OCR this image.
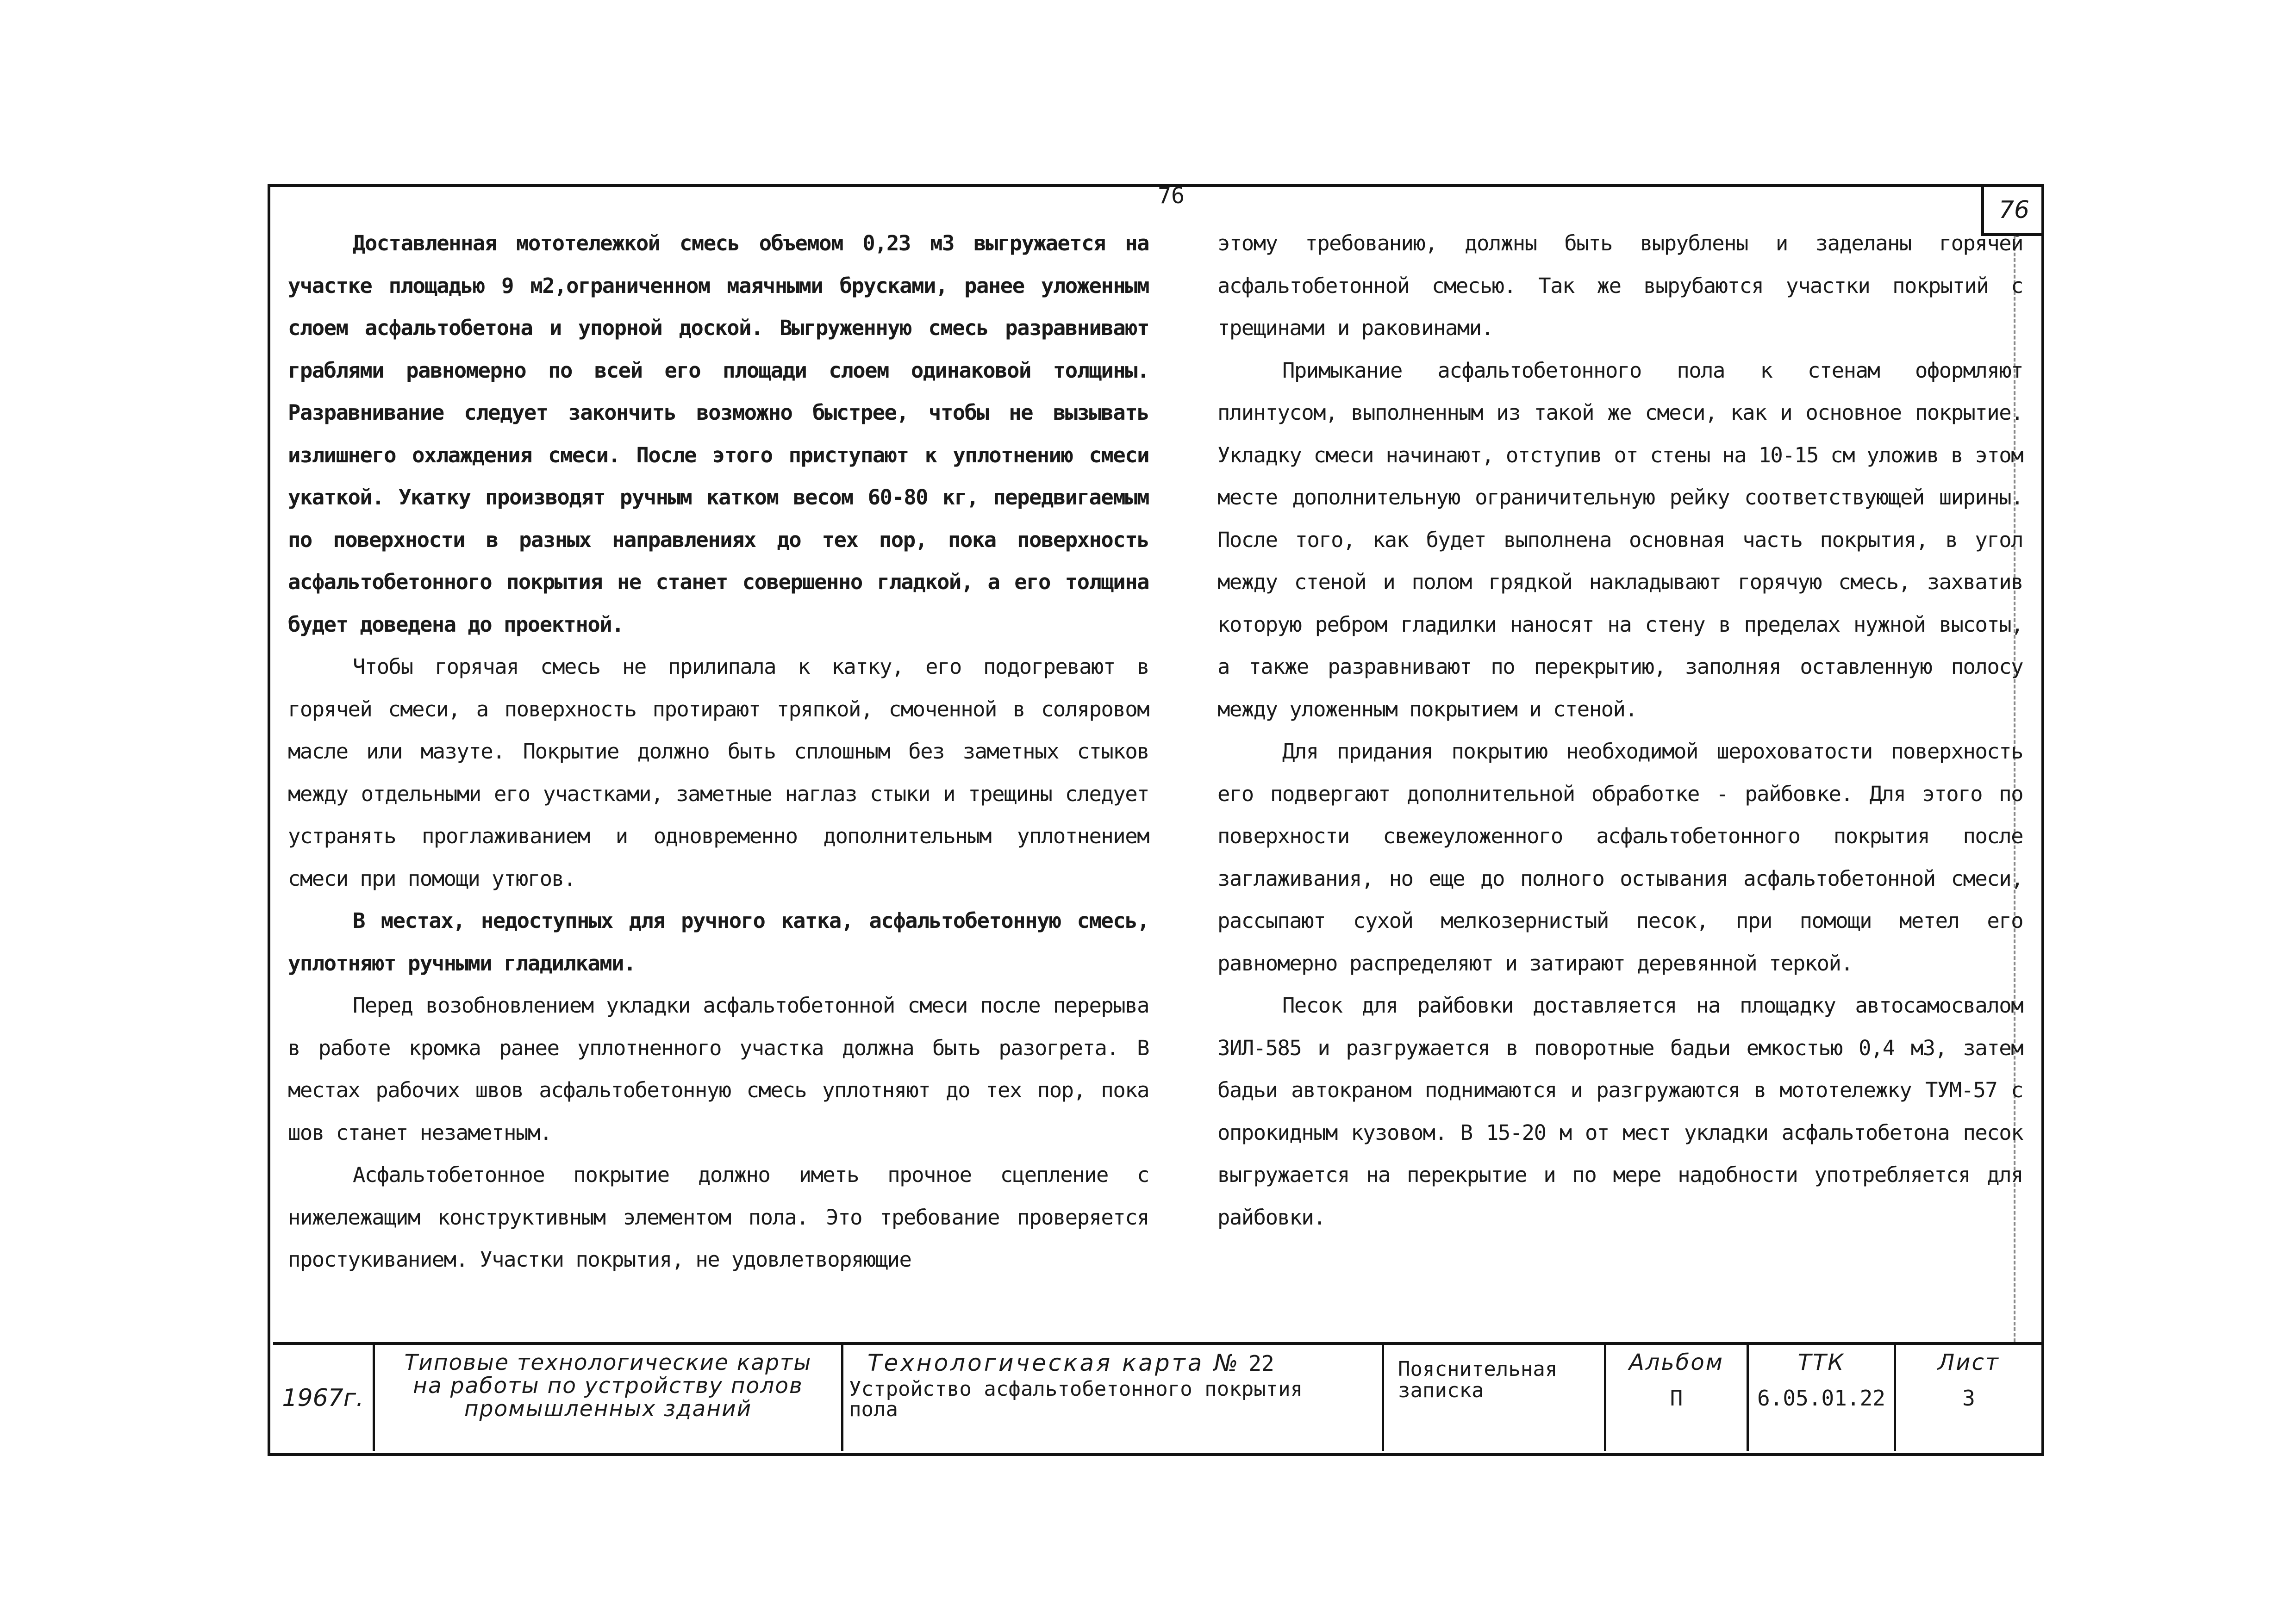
76
76

Доставленная мототележкой смесь объемом 0,23 м3 выгружается на участке площадью 9 м2,ограниченном маячными брусками, ранее уложенным слоем асфальтобетона и упорной доской. Выгруженную смесь разравнивают граблями равномерно по всей его площади слоем одинаковой толщины. Разравнивание следует закончить возможно быстрее, чтобы не вызывать излишнего охлаждения смеси. После этого приступают к уплотнению смеси укаткой. Укатку производят ручным катком весом 60-80 кг, передвигаемым по поверхности в разных направлениях до тех пор, пока поверхность асфальтобетонного покрытия не станет совершенно гладкой, а его толщина будет доведена до проектной.

Чтобы горячая смесь не прилипала к катку, его подогревают в горячей смеси, а поверхность протирают тряпкой, смоченной в соляровом масле или мазуте. Покрытие должно быть сплошным без заметных стыков между отдельными его участками, заметные наглаз стыки и трещины следует устранять проглаживанием и одновременно дополнительным уплотнением смеси при помощи утюгов.

В местах, недоступных для ручного катка, асфальтобетонную смесь, уплотняют ручными гладилками.

Перед возобновлением укладки асфальтобетонной смеси после перерыва в работе кромка ранее уплотненного участка должна быть разогрета. В местах рабочих швов асфальтобетонную смесь уплотняют до тех пор, пока шов станет незаметным.

Асфальтобетонное покрытие должно иметь прочное сцепление с нижележащим конструктивным элементом пола. Это требование проверяется простукиванием. Участки покрытия, не удовлетворяющие

этому требованию, должны быть вырублены и заделаны горячей асфальтобетонной смесью. Так же вырубаются участки покрытий с трещинами и раковинами.

Примыкание асфальтобетонного пола к стенам оформляют плинтусом, выполненным из такой же смеси, как и основное покрытие. Укладку смеси начинают, отступив от стены на 10-15 см уложив в этом месте дополнительную ограничительную рейку соответствующей ширины. После того, как будет выполнена основная часть покрытия, в угол между стеной и полом грядкой накладывают горячую смесь, захватив которую ребром гладилки наносят на стену в пределах нужной высоты, а также разравнивают по перекрытию, заполняя оставленную полосу между уложенным покрытием и стеной.

Для придания покрытию необходимой шероховатости поверхность его подвергают дополнительной обработке - райбовке. Для этого по поверхности свежеуложенного асфальтобетонного покрытия после заглаживания, но еще до полного остывания асфальтобетонной смеси, рассыпают сухой мелкозернистый песок, при помощи метел его равномерно распределяют и затирают деревянной теркой.

Песок для райбовки доставляется на площадку автосамосвалом ЗИЛ-585 и разгружается в поворотные бадьи емкостью 0,4 м3, затем бадьи автокраном поднимаются и разгружаются в мототележку ТУМ-57 с опрокидным кузовом. В 15-20 м от мест укладки асфальтобетона песок выгружается на перекрытие и по мере надобности употребляется для райбовки.

1967г.
Типовые технологические карты
на работы по устройству полов
промышленных зданий
Технологическая карта № 22
Устройство асфальтобетонного покрытия
пола
Пояснительная
записка
Альбом
П
ТТК
6.05.01.22
Лист
3
